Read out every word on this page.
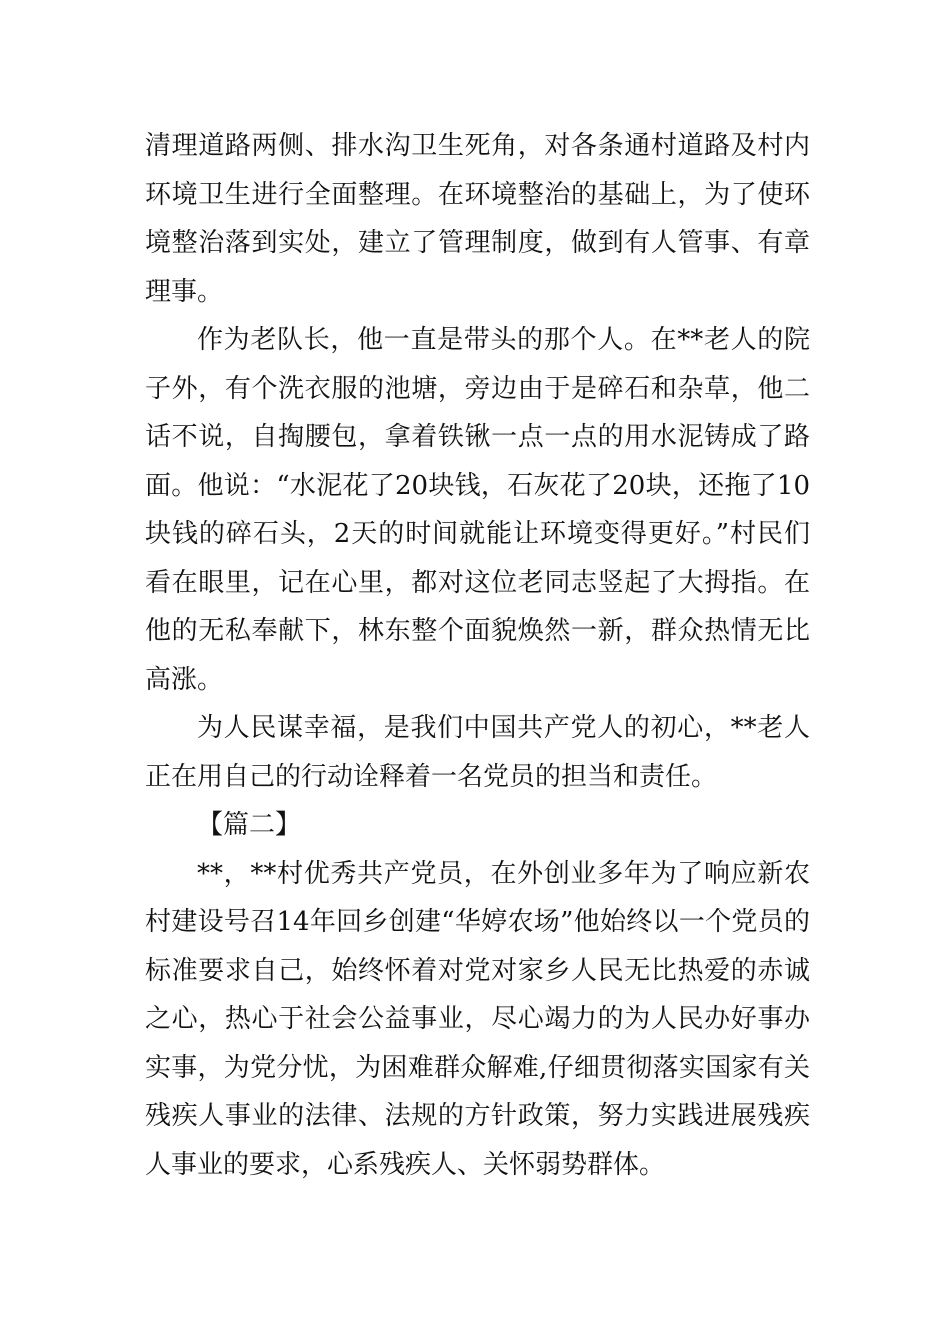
清理道路两侧、排水沟卫生死角，对各条通村道路及村内环境卫生进行全面整理。在环境整治的基础上，为了使环境整治落到实处，建立了管理制度，做到有人管事、有章理事。

作为老队长，他一直是带头的那个人。在**老人的院子外，有个洗衣服的池塘，旁边由于是碎石和杂草，他二话不说，自掏腰包，拿着铁锹一点一点的用水泥铸成了路面。他说：“水泥花了20块钱，石灰花了20块，还拖了10块钱的碎石头，2天的时间就能让环境变得更好。”村民们看在眼里，记在心里，都对这位老同志竖起了大拇指。在他的无私奉献下，林东整个面貌焕然一新，群众热情无比高涨。

为人民谋幸福，是我们中国共产党人的初心，**老人正在用自己的行动诠释着一名党员的担当和责任。

【篇二】

**，**村优秀共产党员，在外创业多年为了响应新农村建设号召14年回乡创建“华婷农场”他始终以一个党员的标准要求自己，始终怀着对党对家乡人民无比热爱的赤诚之心，热心于社会公益事业，尽心竭力的为人民办好事办实事，为党分忧，为困难群众解难,仔细贯彻落实国家有关残疾人事业的法律、法规的方针政策，努力实践进展残疾人事业的要求，心系残疾人、关怀弱势群体。
